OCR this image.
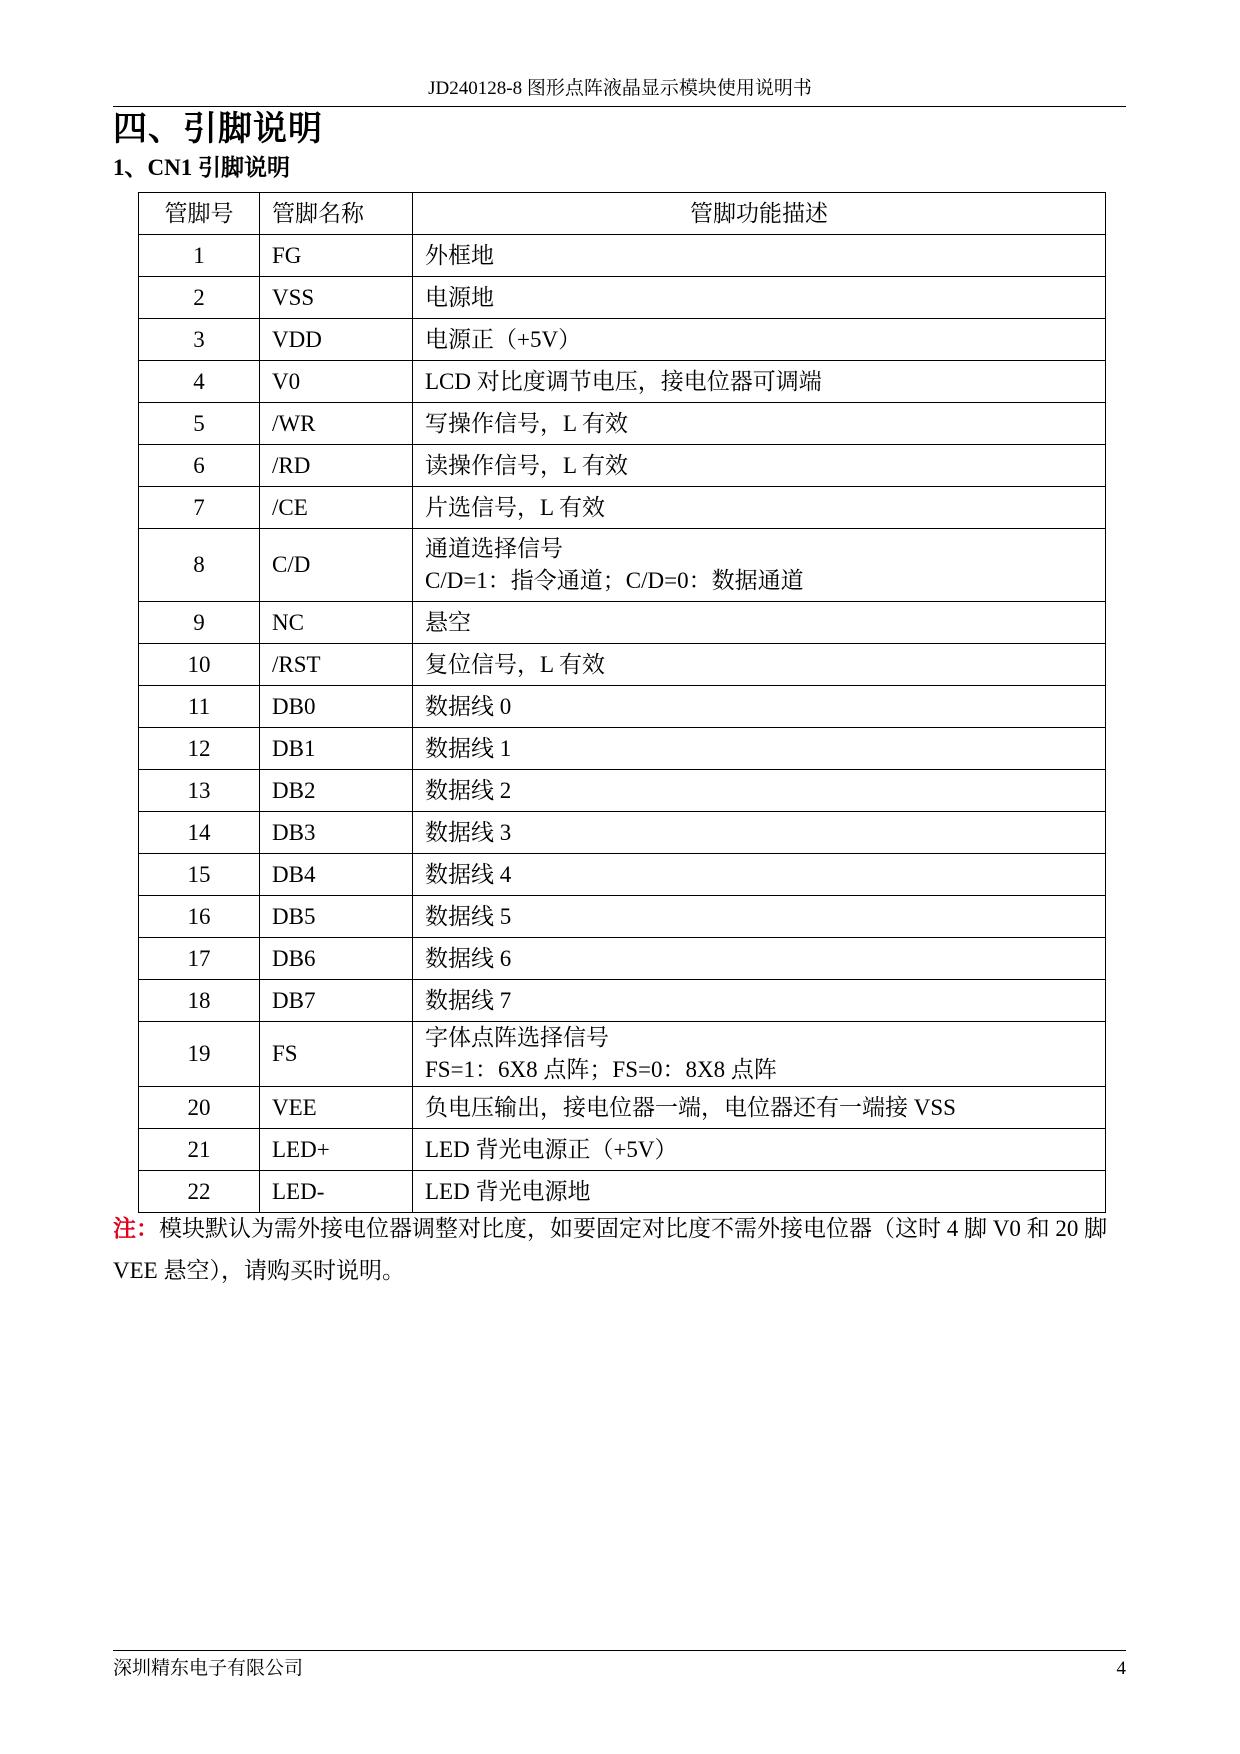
JD240128-8 图形点阵液晶显示模块使用说明书
四、引脚说明
1、CN1 引脚说明
管脚号	管脚名称	管脚功能描述
1	FG	外框地
2	VSS	电源地
3	VDD	电源正（+5V）
4	V0	LCD 对比度调节电压，接电位器可调端
5	/WR	写操作信号，L 有效
6	/RD	读操作信号，L 有效
7	/CE	片选信号，L 有效
8	C/D	通道选择信号
C/D=1：指令通道；C/D=0：数据通道

9	NC	悬空
10	/RST	复位信号，L 有效
11	DB0	数据线 0
12	DB1	数据线 1
13	DB2	数据线 2
14	DB3	数据线 3
15	DB4	数据线 4
16	DB5	数据线 5
17	DB6	数据线 6
18	DB7	数据线 7
19	FS	字体点阵选择信号
FS=1：6X8 点阵；FS=0：8X8 点阵

20	VEE	负电压输出，接电位器一端，电位器还有一端接 VSS
21	LED+	LED 背光电源正（+5V）
22	LED-	LED 背光电源地
注：模块默认为需外接电位器调整对比度，如要固定对比度不需外接电位器（这时 4 脚 V0 和 20 脚 VEE 悬空），请购买时说明。
深圳精东电子有限公司	4
